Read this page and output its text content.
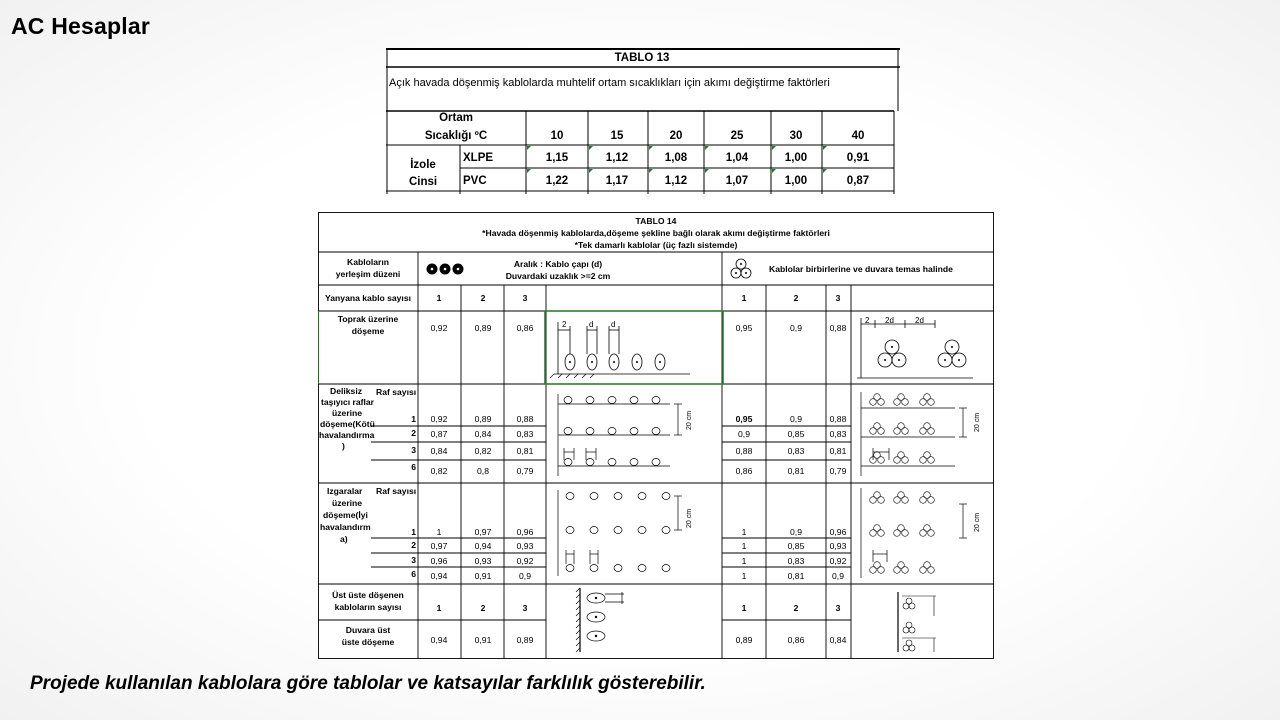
AC Hesaplar
TABLO 13
Açık havada döşenmiş kablolarda muhtelif ortam sıcaklıkları için akımı değiştirme faktörleri
Ortam
Sıcaklığı ºC	10	15	20	25	30	40
İzole
Cinsi
XLPE	1,15	1,12	1,08	1,04	1,00	0,91
PVC	1,22	1,17	1,12	1,07	1,00	0,87
TABLO 14
*Havada döşenmiş kablolarda,döşeme şekline bağlı olarak akımı değiştirme faktörleri
*Tek damarlı kablolar (üç fazlı sistemde)
Kabloların
yerleşim düzeni
Aralık : Kablo çapı (d)
Duvardaki uzaklık >=2 cm
Kablolar birbirlerine ve duvara temas halinde
Yanyana kablo sayısı	1	2	3	1	2	3
Toprak üzerine
döşeme	0,92	0,89	0,86	0,95	0,9	0,88
2	d d	2 2d	2d
Deliksiz
taşıyıcı raflar
üzerine
döşeme(Kötü
havalandırma
)
Raf sayısı
1 0,92	0,89	0,88	0,95	0,9	0,88
2 0,87	0,84	0,83	0,9	0,85	0,83
3 0,84	0,82	0,81	0,88	0,83	0,81
6 0,82	0,8	0,79	0,86	0,81	0,79
20 cm	20 cm
Izgaralar
üzerine
döşeme(İyi
havalandırm
a)
Raf sayısı
1 1	0,97	0,96	1	0,9	0,96
2 0,97	0,94	0,93	1	0,85	0,93
3 0,96	0,93	0,92	1	0,83	0,92
6 0,94	0,91	0,9	1	0,81	0,9
20 cm	20 cm
Üst üste döşenen
kabloların sayısı	1	2	3	1	2	3
Duvara üst
üste döşeme	0,94	0,91	0,89	0,89	0,86	0,84
Projede kullanılan kablolara göre tablolar ve katsayılar farklılık gösterebilir.
